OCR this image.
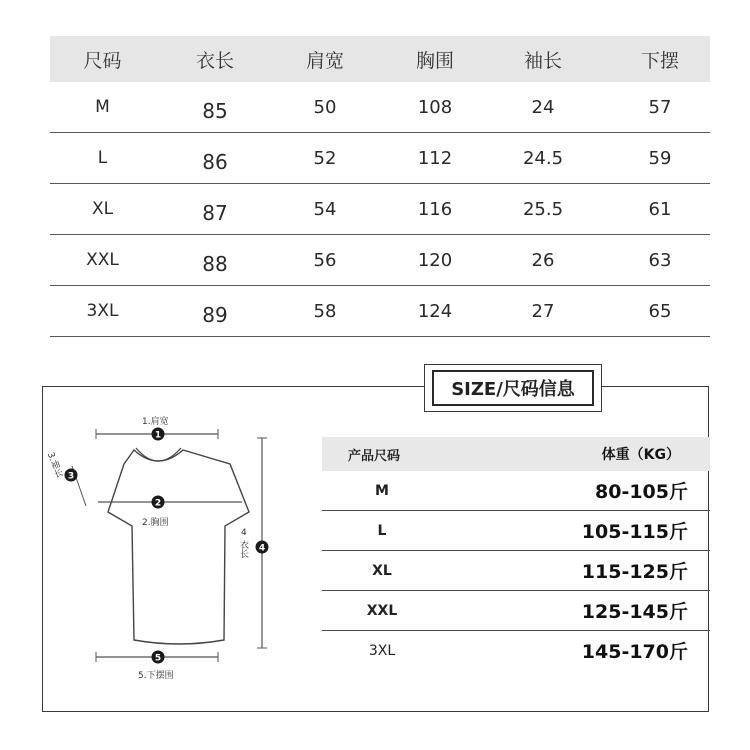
尺码	衣长	肩宽	胸围	袖长	下摆
M	85	50	108	24	57
L	86	52	112	24.5	59
XL	87	54	116	25.5	61
XXL	88	56	120	26	63
3XL	89	58	124	27	65
SIZE/尺码信息
1
2
3
4
5
1.肩宽
3.袖长
2.胸围
4
衣长
5.下摆围
产品尺码	体重（KG）
M	80-105斤
L	105-115斤
XL	115-125斤
XXL	125-145斤
3XL	145-170斤
